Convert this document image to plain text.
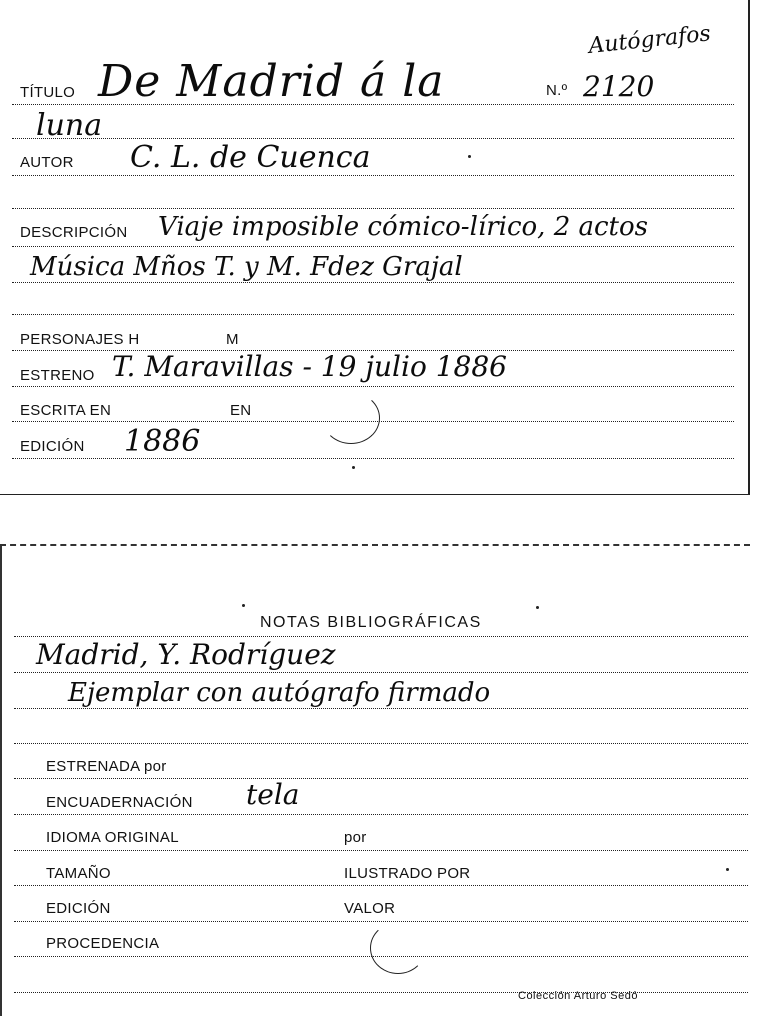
Autógrafos
TÍTULO De Madrid á la	N.º 2120
luna
AUTOR C. L. de Cuenca
DESCRIPCIÓN Viaje imposible cómico-lírico, 2 actos
Música Mños T. y M. Fdez Grajal
PERSONAJES H	M
ESTRENO T. Maravillas - 19 julio 1886
ESCRITA EN	EN
EDICIÓN 1886
NOTAS BIBLIOGRÁFICAS
Madrid, Y. Rodríguez
Ejemplar con autógrafo firmado
ESTRENADA por
ENCUADERNACIÓN tela
IDIOMA ORIGINAL	por
TAMAÑO	ILUSTRADO POR
EDICIÓN	VALOR
PROCEDENCIA
Colección Arturo Sedó
